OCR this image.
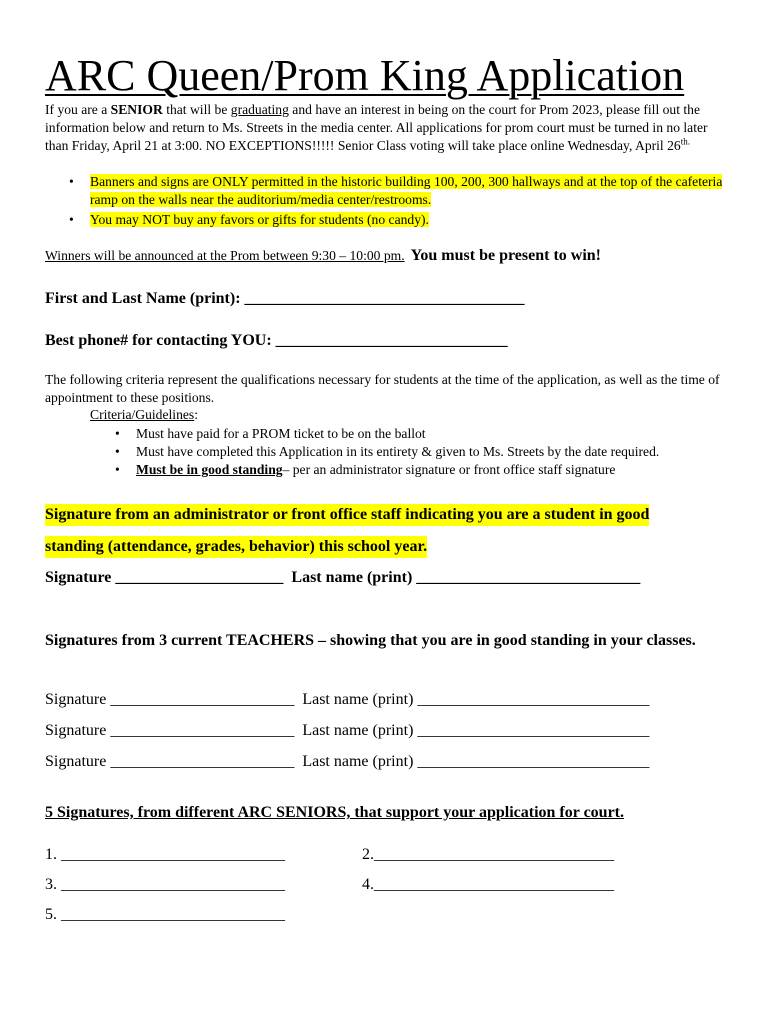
ARC Queen/Prom King Application
If you are a SENIOR that will be graduating and have an interest in being on the court for Prom 2023, please fill out the information below and return to Ms. Streets in the media center. All applications for prom court must be turned in no later than Friday, April 21 at 3:00. NO EXCEPTIONS!!!!! Senior Class voting will take place online Wednesday, April $26^{th.}$
• Banners and signs are ONLY permitted in the historic building 100, 200, 300 hallways and at the top of the cafeteria ramp on the walls near the auditorium/media center/restrooms.
• You may NOT buy any favors or gifts for students (no candy).
Winners will be announced at the Prom between 9:30 – 10:00 pm. You must be present to win!
First and Last Name (print): ___________________________________
Best phone# for contacting YOU: _____________________________
The following criteria represent the qualifications necessary for students at the time of the application, as well as the time of appointment to these positions.
Criteria/Guidelines:
• Must have paid for a PROM ticket to be on the ballot
• Must have completed this Application in its entirety & given to Ms. Streets by the date required.
• Must be in good standing– per an administrator signature or front office staff signature
Signature from an administrator or front office staff indicating you are a student in good
standing (attendance, grades, behavior) this school year.
Signature _____________________ Last name (print) ____________________________
Signatures from 3 current TEACHERS – showing that you are in good standing in your classes.
Signature _______________________ Last name (print) _____________________________
Signature _______________________ Last name (print) _____________________________
Signature _______________________ Last name (print) _____________________________
5 Signatures, from different ARC SENIORS, that support your application for court.
1. ____________________________	2.______________________________
3. ____________________________	4.______________________________
5. ____________________________
